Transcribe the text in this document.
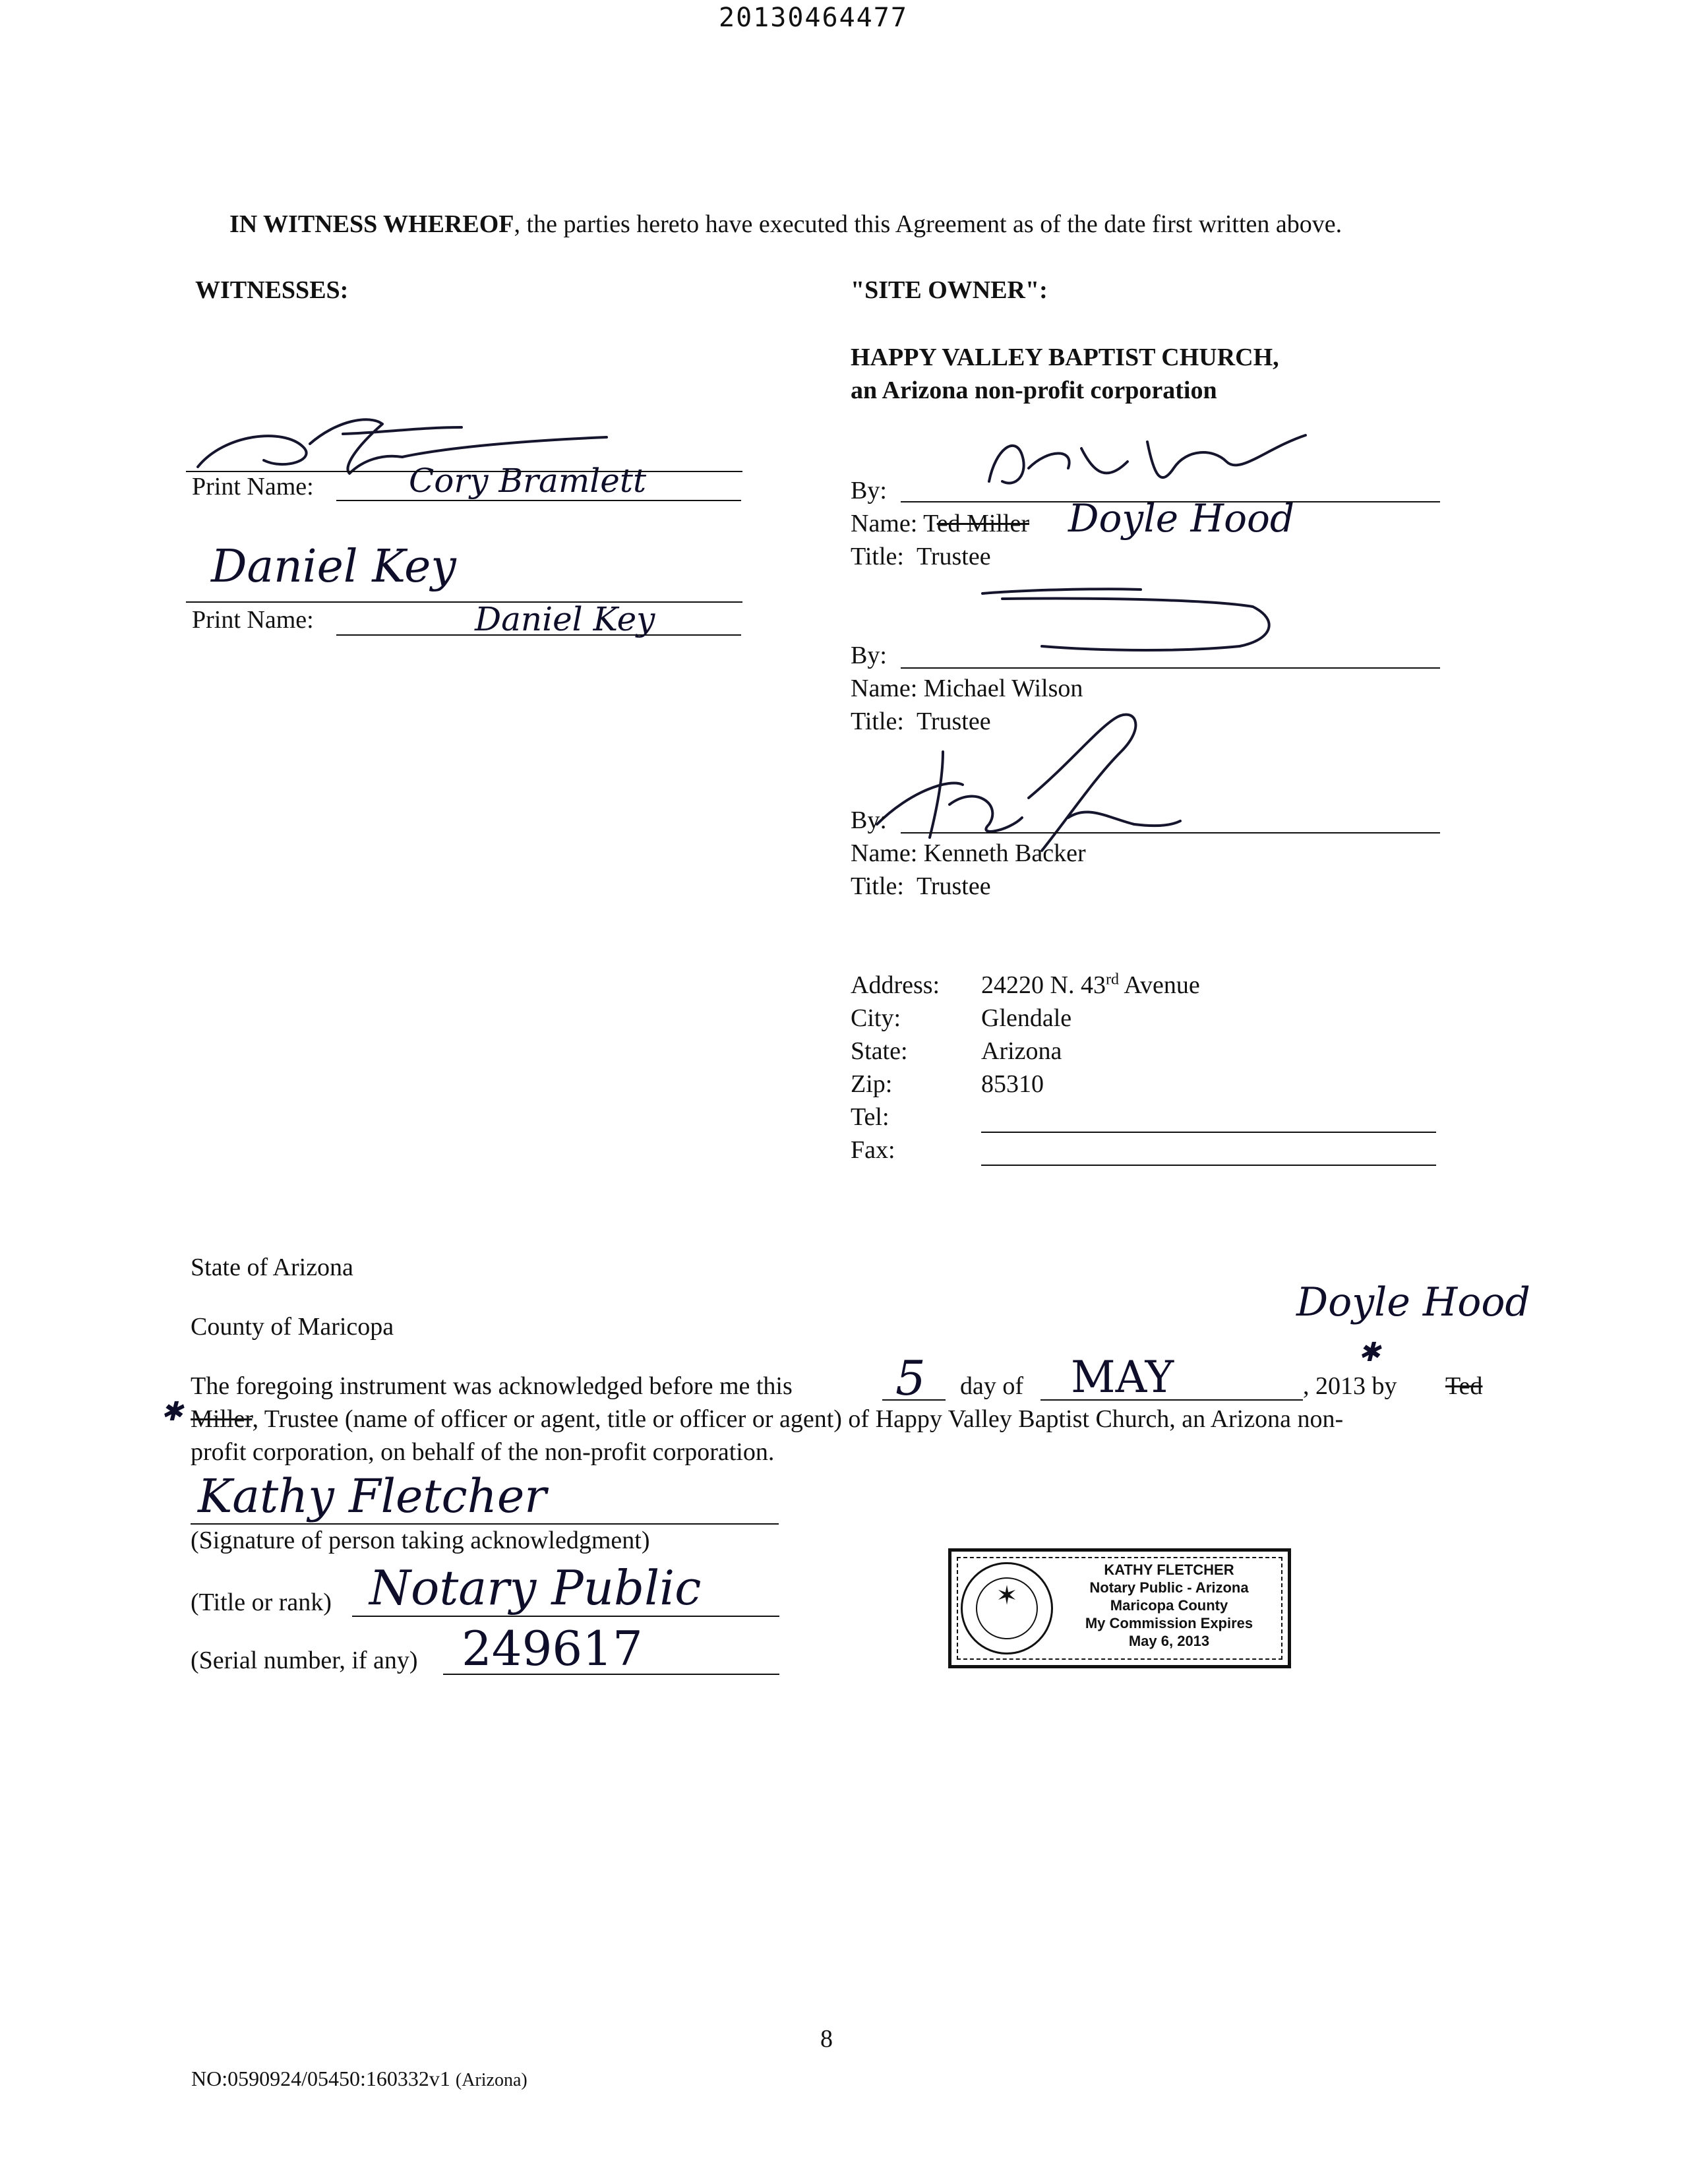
20130464477
IN WITNESS WHEREOF, the parties hereto have executed this Agreement as of the date first written above.
WITNESSES:
Print Name:	Cory Bramlett
Daniel Key
Print Name:	Daniel Key
"SITE OWNER":
HAPPY VALLEY BAPTIST CHURCH,
an Arizona non-profit corporation
By:
Name: Ted Miller Doyle Hood
Title: Trustee
By:
Name: Michael Wilson
Title: Trustee
By:
Name: Kenneth Backer
Title: Trustee
Address: 24220 N. 43rd Avenue
City:	Glendale
State:	Arizona
Zip:	85310
Tel:
Fax:
State of Arizona
County of Maricopa
Doyle Hood
✱
The foregoing instrument was acknowledged before me this 5 day of MAY	, 2013 by Ted
✱ Miller, Trustee (name of officer or agent, title or officer or agent) of Happy Valley Baptist Church, an Arizona non-
profit corporation, on behalf of the non-profit corporation.
Kathy Fletcher
(Signature of person taking acknowledgment)
(Title or rank) Notary Public
(Serial number, if any) 249617
✶
KATHY FLETCHER
Notary Public - Arizona
Maricopa County
My Commission Expires
May 6, 2013
8
NO:0590924/05450:160332v1 (Arizona)
